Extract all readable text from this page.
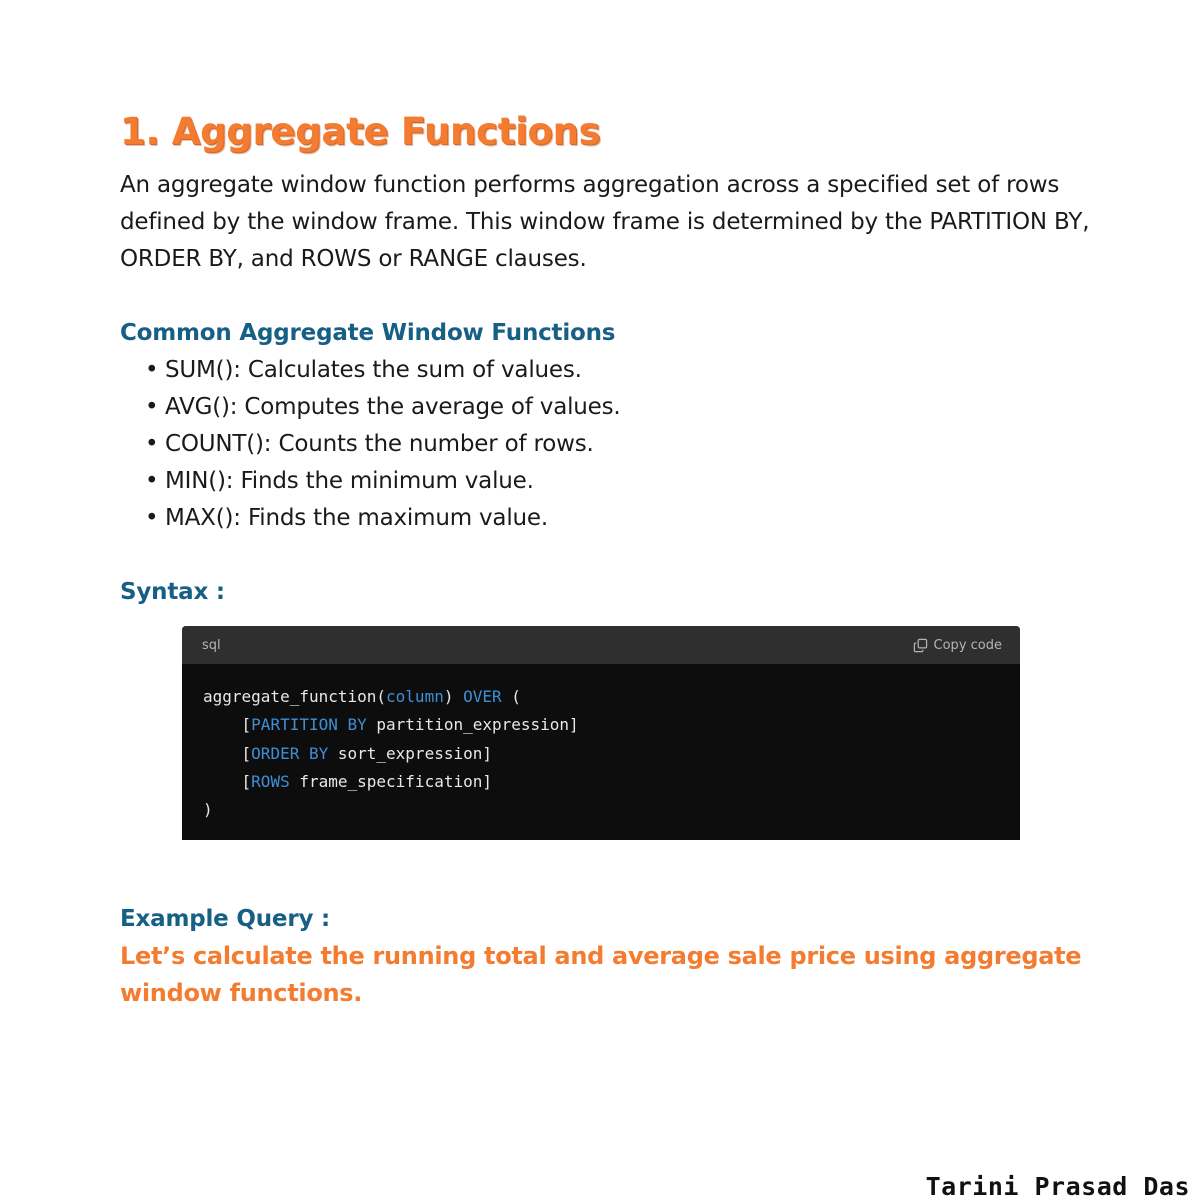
1. Aggregate Functions

An aggregate window function performs aggregation across a specified set of rows defined by the window frame. This window frame is determined by the PARTITION BY, ORDER BY, and ROWS or RANGE clauses.

Common Aggregate Window Functions
• SUM(): Calculates the sum of values.
• AVG(): Computes the average of values.
• COUNT(): Counts the number of rows.
• MIN(): Finds the minimum value.
• MAX(): Finds the maximum value.
Syntax :
sql	Copy code
aggregate_function(column) OVER (
[PARTITION BY partition_expression]
[ORDER BY sort_expression]
[ROWS frame_specification]
)
Example Query :

Let’s calculate the running total and average sale price using aggregate window functions.

Tarini Prasad Das
